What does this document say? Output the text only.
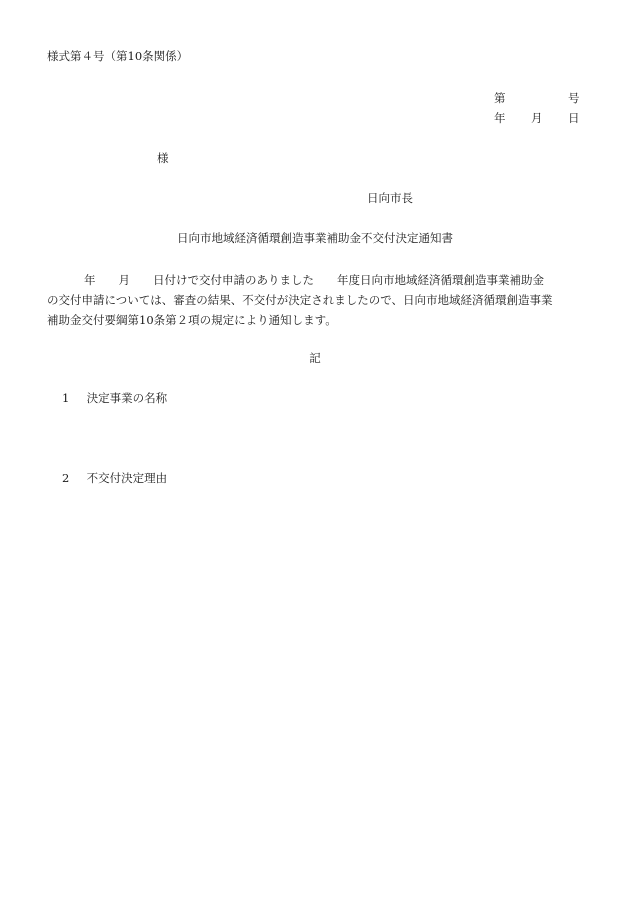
様式第４号（第10条関係）
第	号
年 月 日
様
日向市長
日向市地域経済循環創造事業補助金不交付決定通知書
年　　月　　日付けで交付申請のありました　　年度日向市地域経済循環創造事業補助金
の交付申請については、審査の結果、不交付が決定されましたので、日向市地域経済循環創造事業
補助金交付要綱第10条第２項の規定により通知します。
記
1 決定事業の名称
2 不交付決定理由
